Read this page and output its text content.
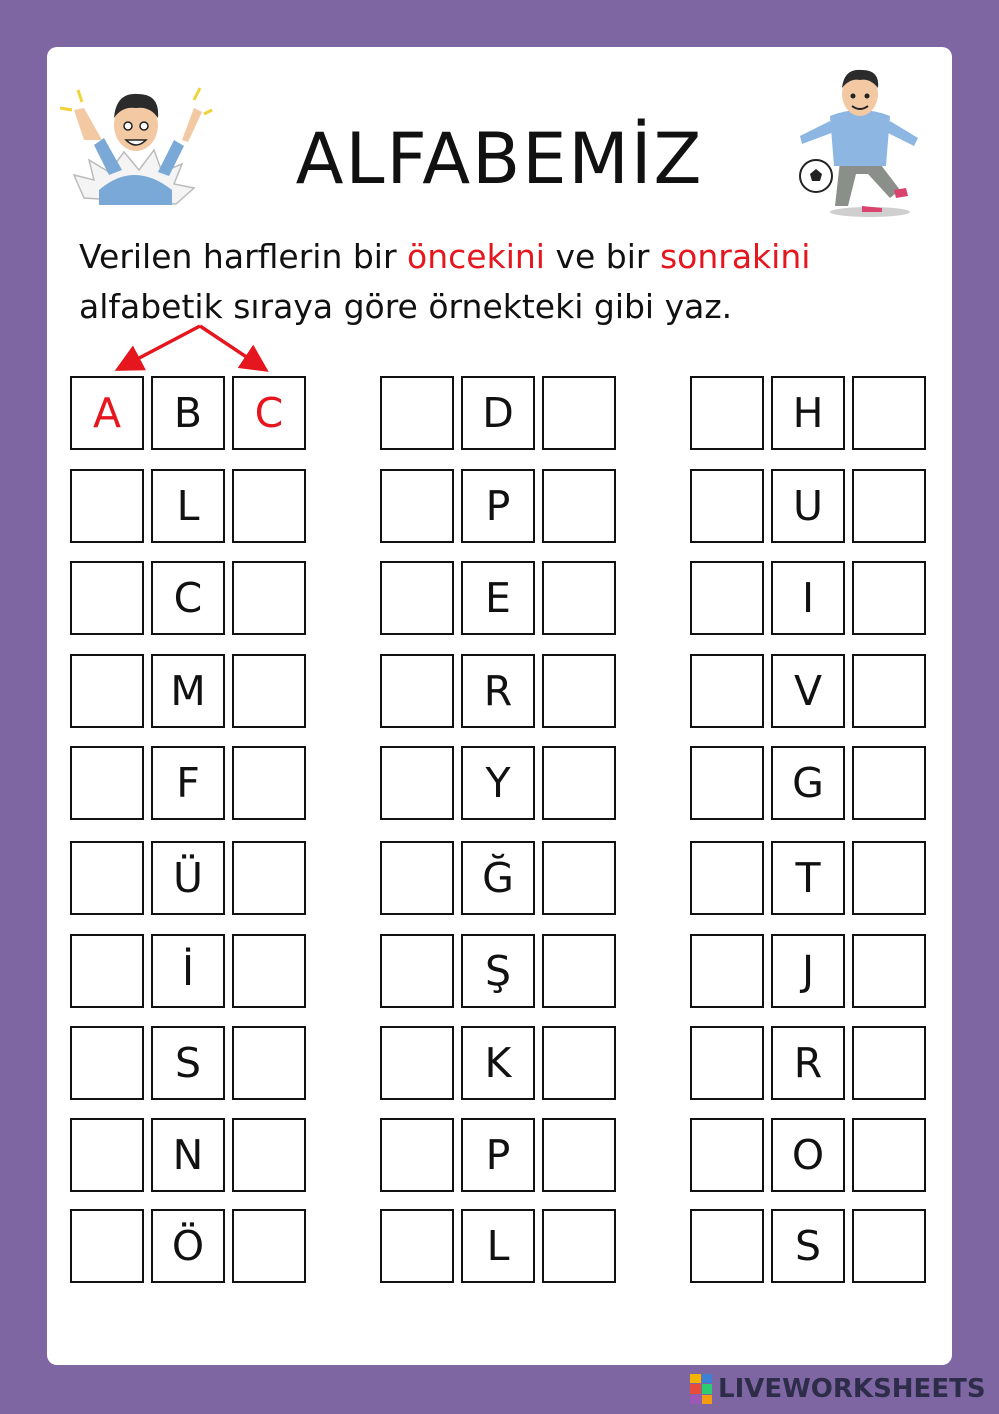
ALFABEMİZ
Verilen harflerin bir öncekini ve bir sonrakini
alfabetik sıraya göre örnekteki gibi yaz.
A	B	C
L
C
M
F
Ü
İ
S
N
Ö
D
P
E
R
Y
Ğ
Ş
K
P
L
H
U
I
V
G
T
J
R
O
S
LIVEWORKSHEETS
